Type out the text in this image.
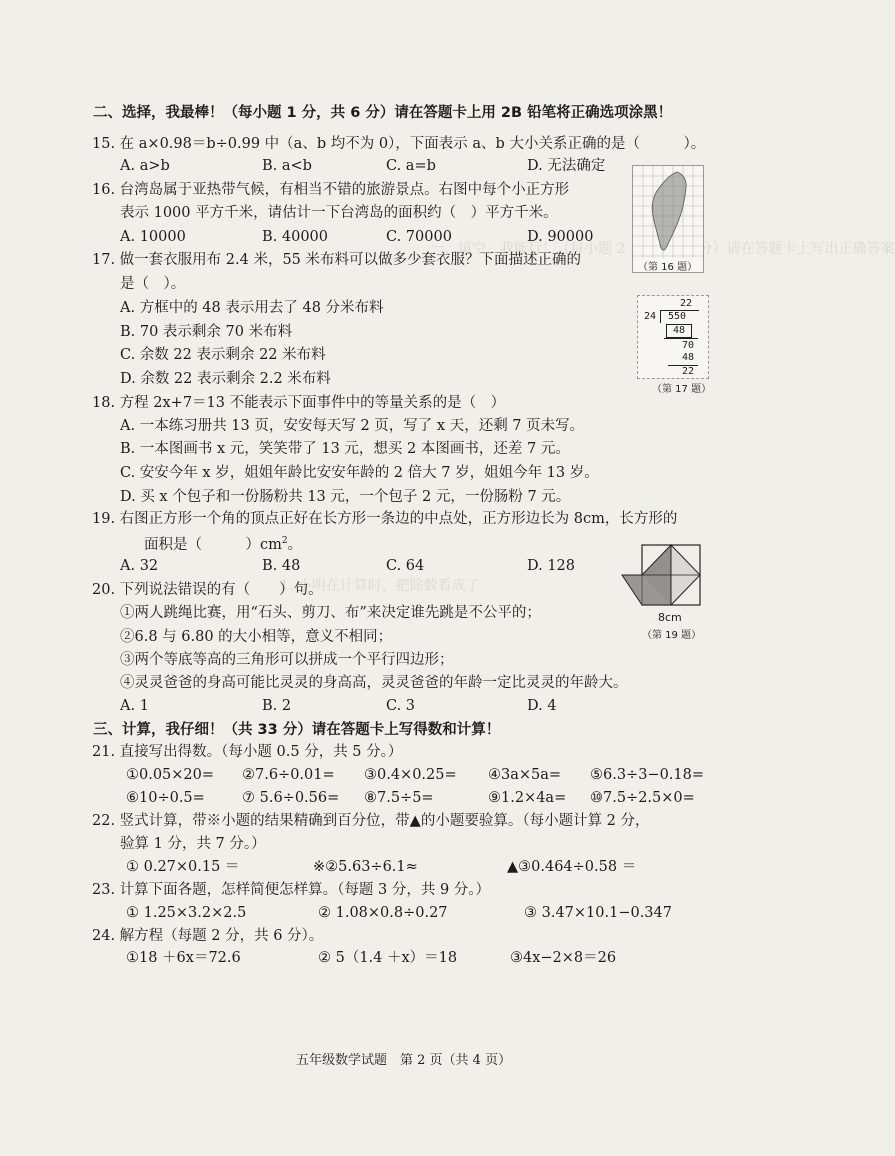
一、填空，我能行！（每小题 2 分）请在答题卡上写出正确答案
1. 小明在计算时，把除数看成了
二、选择，我最棒！（每小题 1 分，共 6 分）请在答题卡上用 2B 铅笔将正确选项涂黑！
15. 在 a×0.98＝b÷0.99 中（a、b 均不为 0），下面表示 a、b 大小关系正确的是（　　　）。
A. a>b	B. a<b	C. a=b	D. 无法确定
16. 台湾岛属于亚热带气候，有相当不错的旅游景点。右图中每个小正方形
表示 1000 平方千米，请估计一下台湾岛的面积约（　）平方千米。
A. 10000	B. 40000	C. 70000	D. 90000
（第 16 题）
17. 做一套衣服用布 2.4 米，55 米布料可以做多少套衣服？下面描述正确的
是（　）。
A. 方框中的 48 表示用去了 48 分米布料
B. 70 表示剩余 70 米布料
C. 余数 22 表示剩余 22 米布料
D. 余数 22 表示剩余 2.2 米布料
22
24 550
48
70
48
22
（第 17 题）
18. 方程 2x+7＝13 不能表示下面事件中的等量关系的是（　）
A. 一本练习册共 13 页，安安每天写 2 页，写了 x 天，还剩 7 页未写。
B. 一本图画书 x 元，笑笑带了 13 元，想买 2 本图画书，还差 7 元。
C. 安安今年 x 岁，姐姐年龄比安安年龄的 2 倍大 7 岁，姐姐今年 13 岁。
D. 买 x 个包子和一份肠粉共 13 元，一个包子 2 元，一份肠粉 7 元。
19. 右图正方形一个角的顶点正好在长方形一条边的中点处，正方形边长为 8cm，长方形的
面积是（　　　）$cm^2$。
A. 32	B. 48	C. 64	D. 128
8cm
（第 19 题）
20. 下列说法错误的有（　　）句。
①两人跳绳比赛，用“石头、剪刀、布”来决定谁先跳是不公平的；
②6.8 与 6.80 的大小相等，意义不相同；
③两个等底等高的三角形可以拼成一个平行四边形；
④灵灵爸爸的身高可能比灵灵的身高高，灵灵爸爸的年龄一定比灵灵的年龄大。
A. 1	B. 2	C. 3	D. 4
三、计算，我仔细！（共 33 分）请在答题卡上写得数和计算！
21. 直接写出得数。（每小题 0.5 分，共 5 分。）
①0.05×20= ②7.6÷0.01= ③0.4×0.25= ④3a×5a= ⑤6.3÷3−0.18=
⑥10÷0.5=	⑦ 5.6÷0.56= ⑧7.5÷5=	⑨1.2×4a= ⑩7.5÷2.5×0=
22. 竖式计算，带※小题的结果精确到百分位，带▲的小题要验算。（每小题计算 2 分，
验算 1 分，共 7 分。）
① 0.27×0.15 ＝	※②5.63÷6.1≈	▲③0.464÷0.58 ＝
23. 计算下面各题，怎样简便怎样算。（每题 3 分，共 9 分。）
① 1.25×3.2×2.5	② 1.08×0.8÷0.27	③ 3.47×10.1−0.347
24. 解方程（每题 2 分，共 6 分）。
①18 ＋6x＝72.6	② 5（1.4 ＋x）＝18	③4x−2×8＝26
五年级数学试题　第 2 页（共 4 页）
